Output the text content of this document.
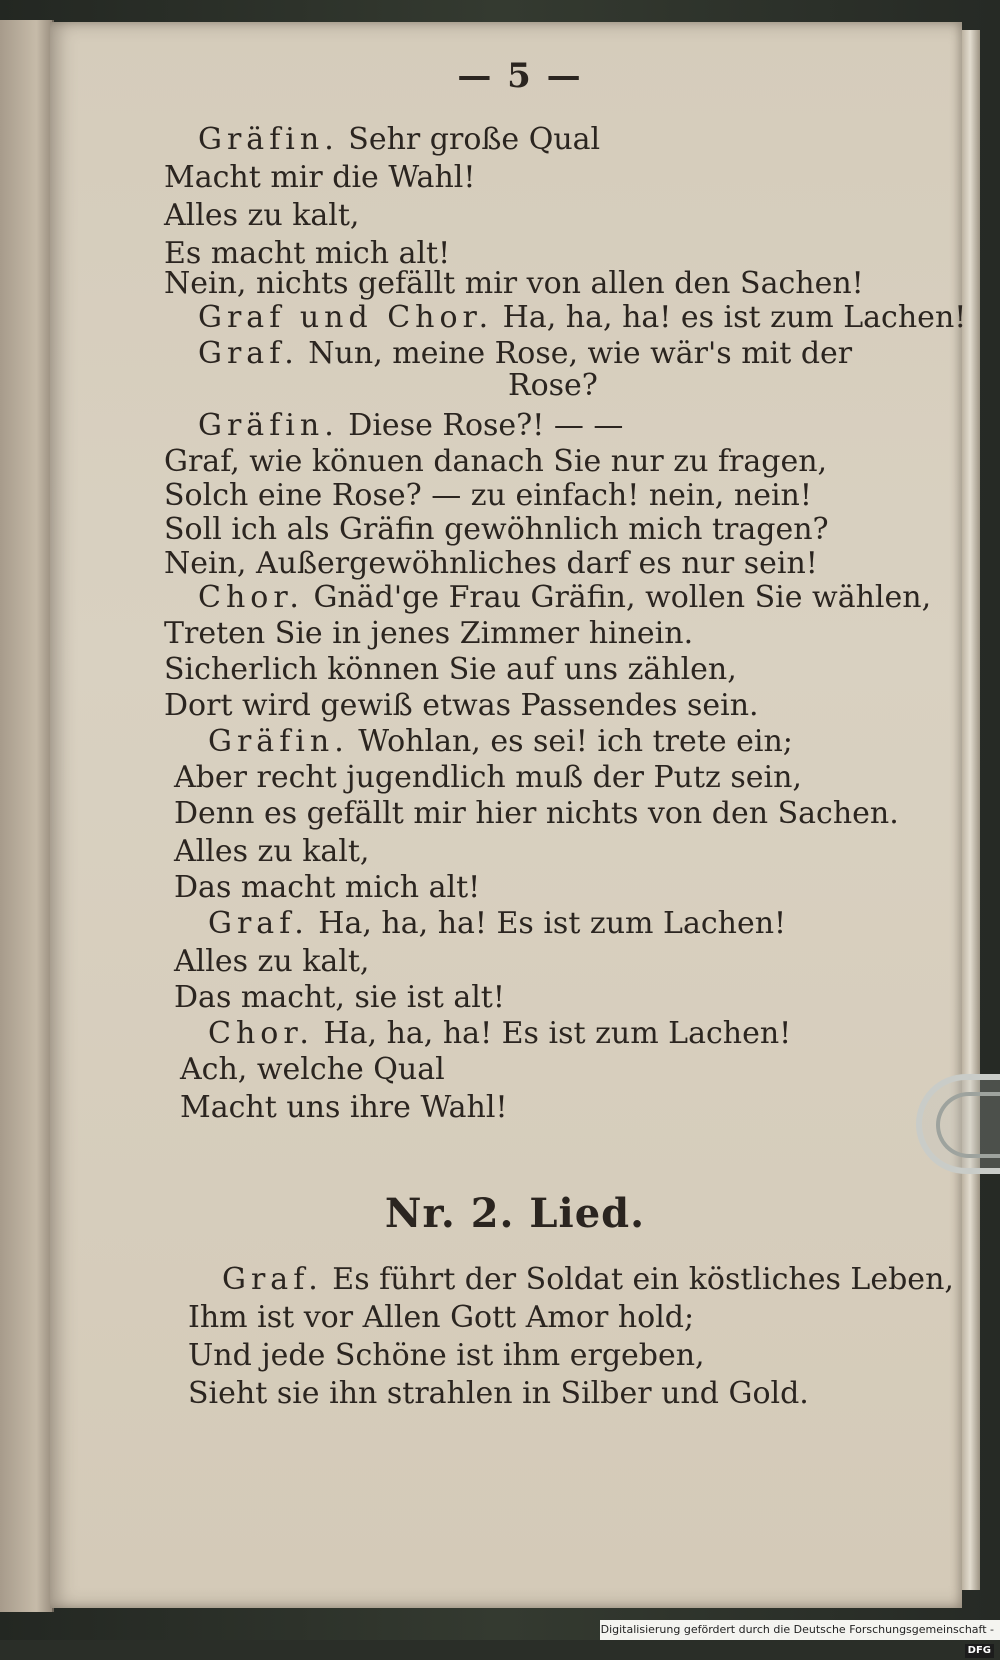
— 5 —
Gräfin. Sehr große Qual
Macht mir die Wahl!
Alles zu kalt,
Es macht mich alt!
Nein, nichts gefällt mir von allen den Sachen!
Graf und Chor. Ha, ha, ha! es ist zum Lachen!
Graf. Nun, meine Rose, wie wär's mit der
Rose?
Gräfin. Diese Rose?! — —
Graf, wie könuen danach Sie nur zu fragen,
Solch eine Rose? — zu einfach! nein, nein!
Soll ich als Gräfin gewöhnlich mich tragen?
Nein, Außergewöhnliches darf es nur sein!
Chor. Gnäd'ge Frau Gräfin, wollen Sie wählen,
Treten Sie in jenes Zimmer hinein.
Sicherlich können Sie auf uns zählen,
Dort wird gewiß etwas Passendes sein.
Gräfin. Wohlan, es sei! ich trete ein;
Aber recht jugendlich muß der Putz sein,
Denn es gefällt mir hier nichts von den Sachen.
Alles zu kalt,
Das macht mich alt!
Graf. Ha, ha, ha! Es ist zum Lachen!
Alles zu kalt,
Das macht, sie ist alt!
Chor. Ha, ha, ha! Es ist zum Lachen!
Ach, welche Qual
Macht uns ihre Wahl!
Nr. 2. Lied.
Graf. Es führt der Soldat ein köstliches Leben,
Ihm ist vor Allen Gott Amor hold;
Und jede Schöne ist ihm ergeben,
Sieht sie ihn strahlen in Silber und Gold.
Digitalisierung gefördert durch die Deutsche Forschungsgemeinschaft -DFG
